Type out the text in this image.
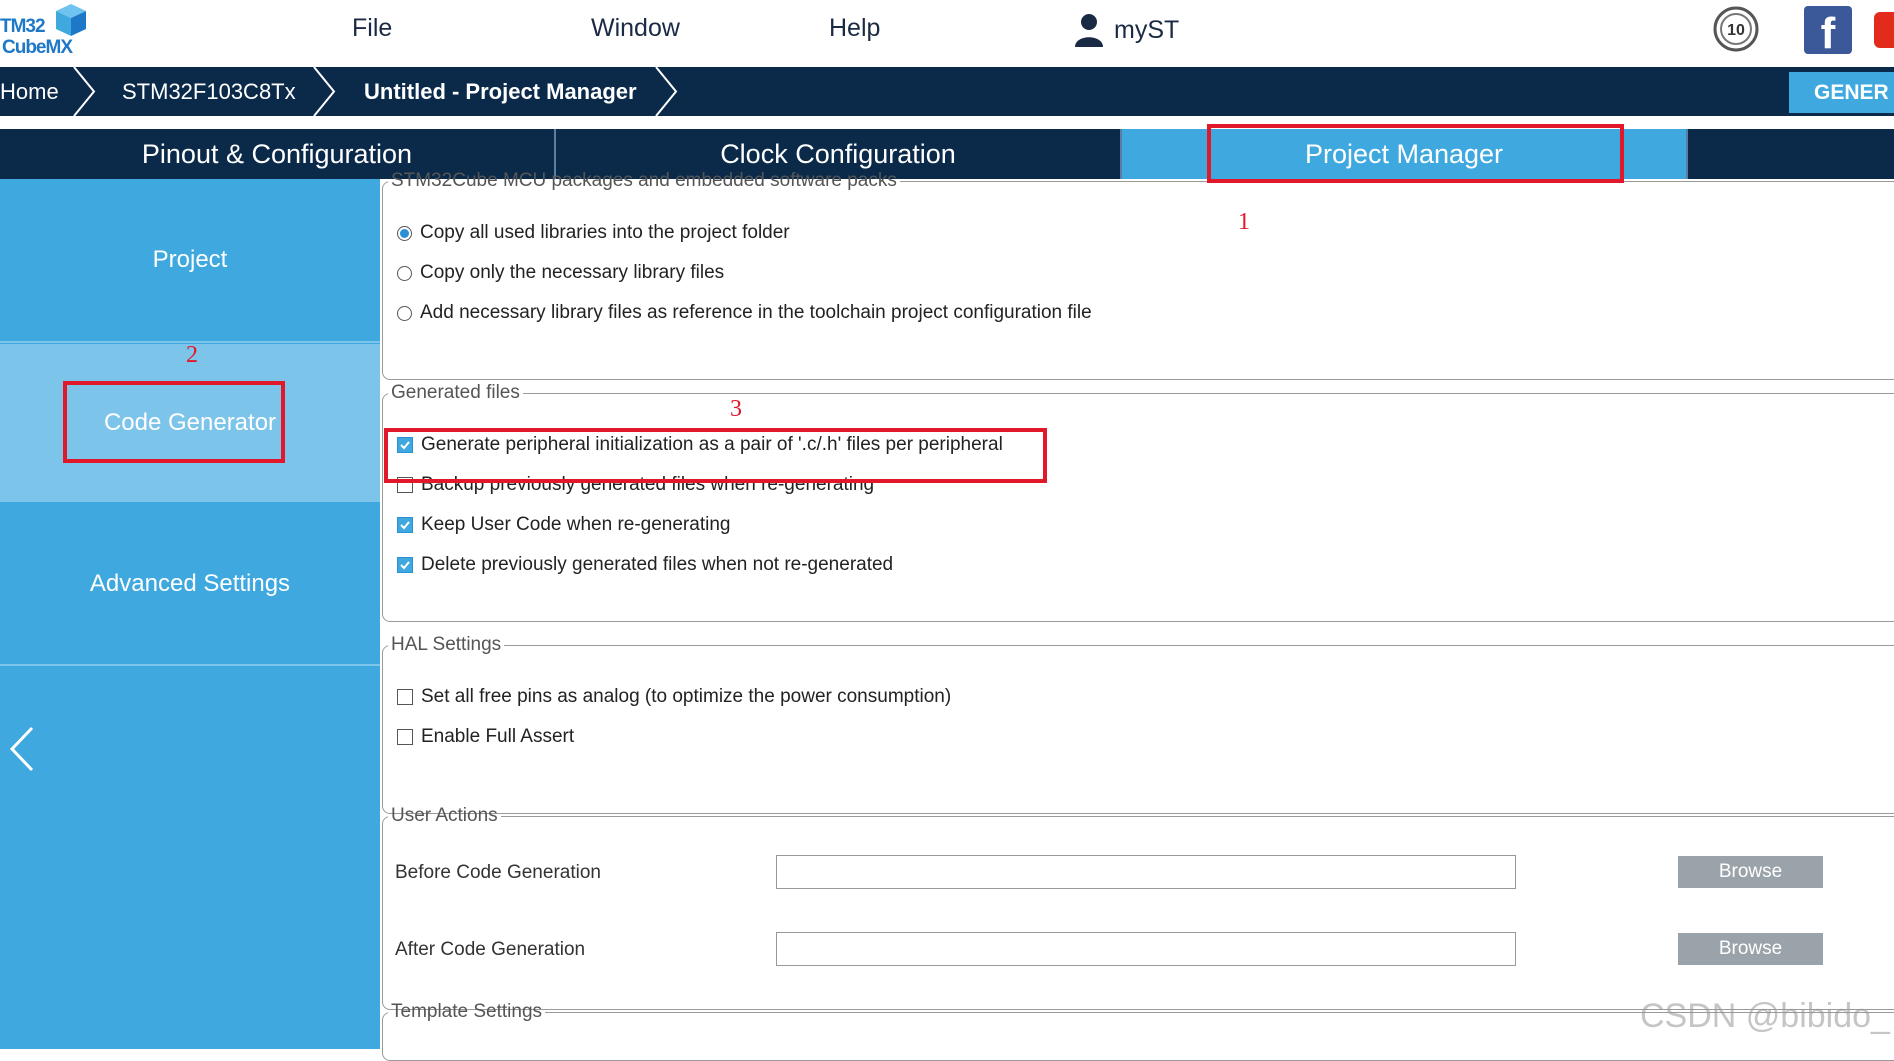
TM32
CubeMX
File	Window	Help	myST	10	f
Home	STM32F103C8Tx	Untitled - Project Manager	GENER
Pinout & Configuration	Clock Configuration	Project Manager
Project
Code Generator
Advanced Settings
STM32Cube MCU packages and embedded software packs
Copy all used libraries into the project folder
Copy only the necessary library files
Add necessary library files as reference in the toolchain project configuration file
Generated files
Generate peripheral initialization as a pair of '.c/.h' files per peripheral
Backup previously generated files when re-generating
Keep User Code when re-generating
Delete previously generated files when not re-generated
HAL Settings
Set all free pins as analog (to optimize the power consumption)
Enable Full Assert
User Actions
Before Code Generation	Browse
After Code Generation	Browse
Template Settings
1
2
3
CSDN @bibido_
